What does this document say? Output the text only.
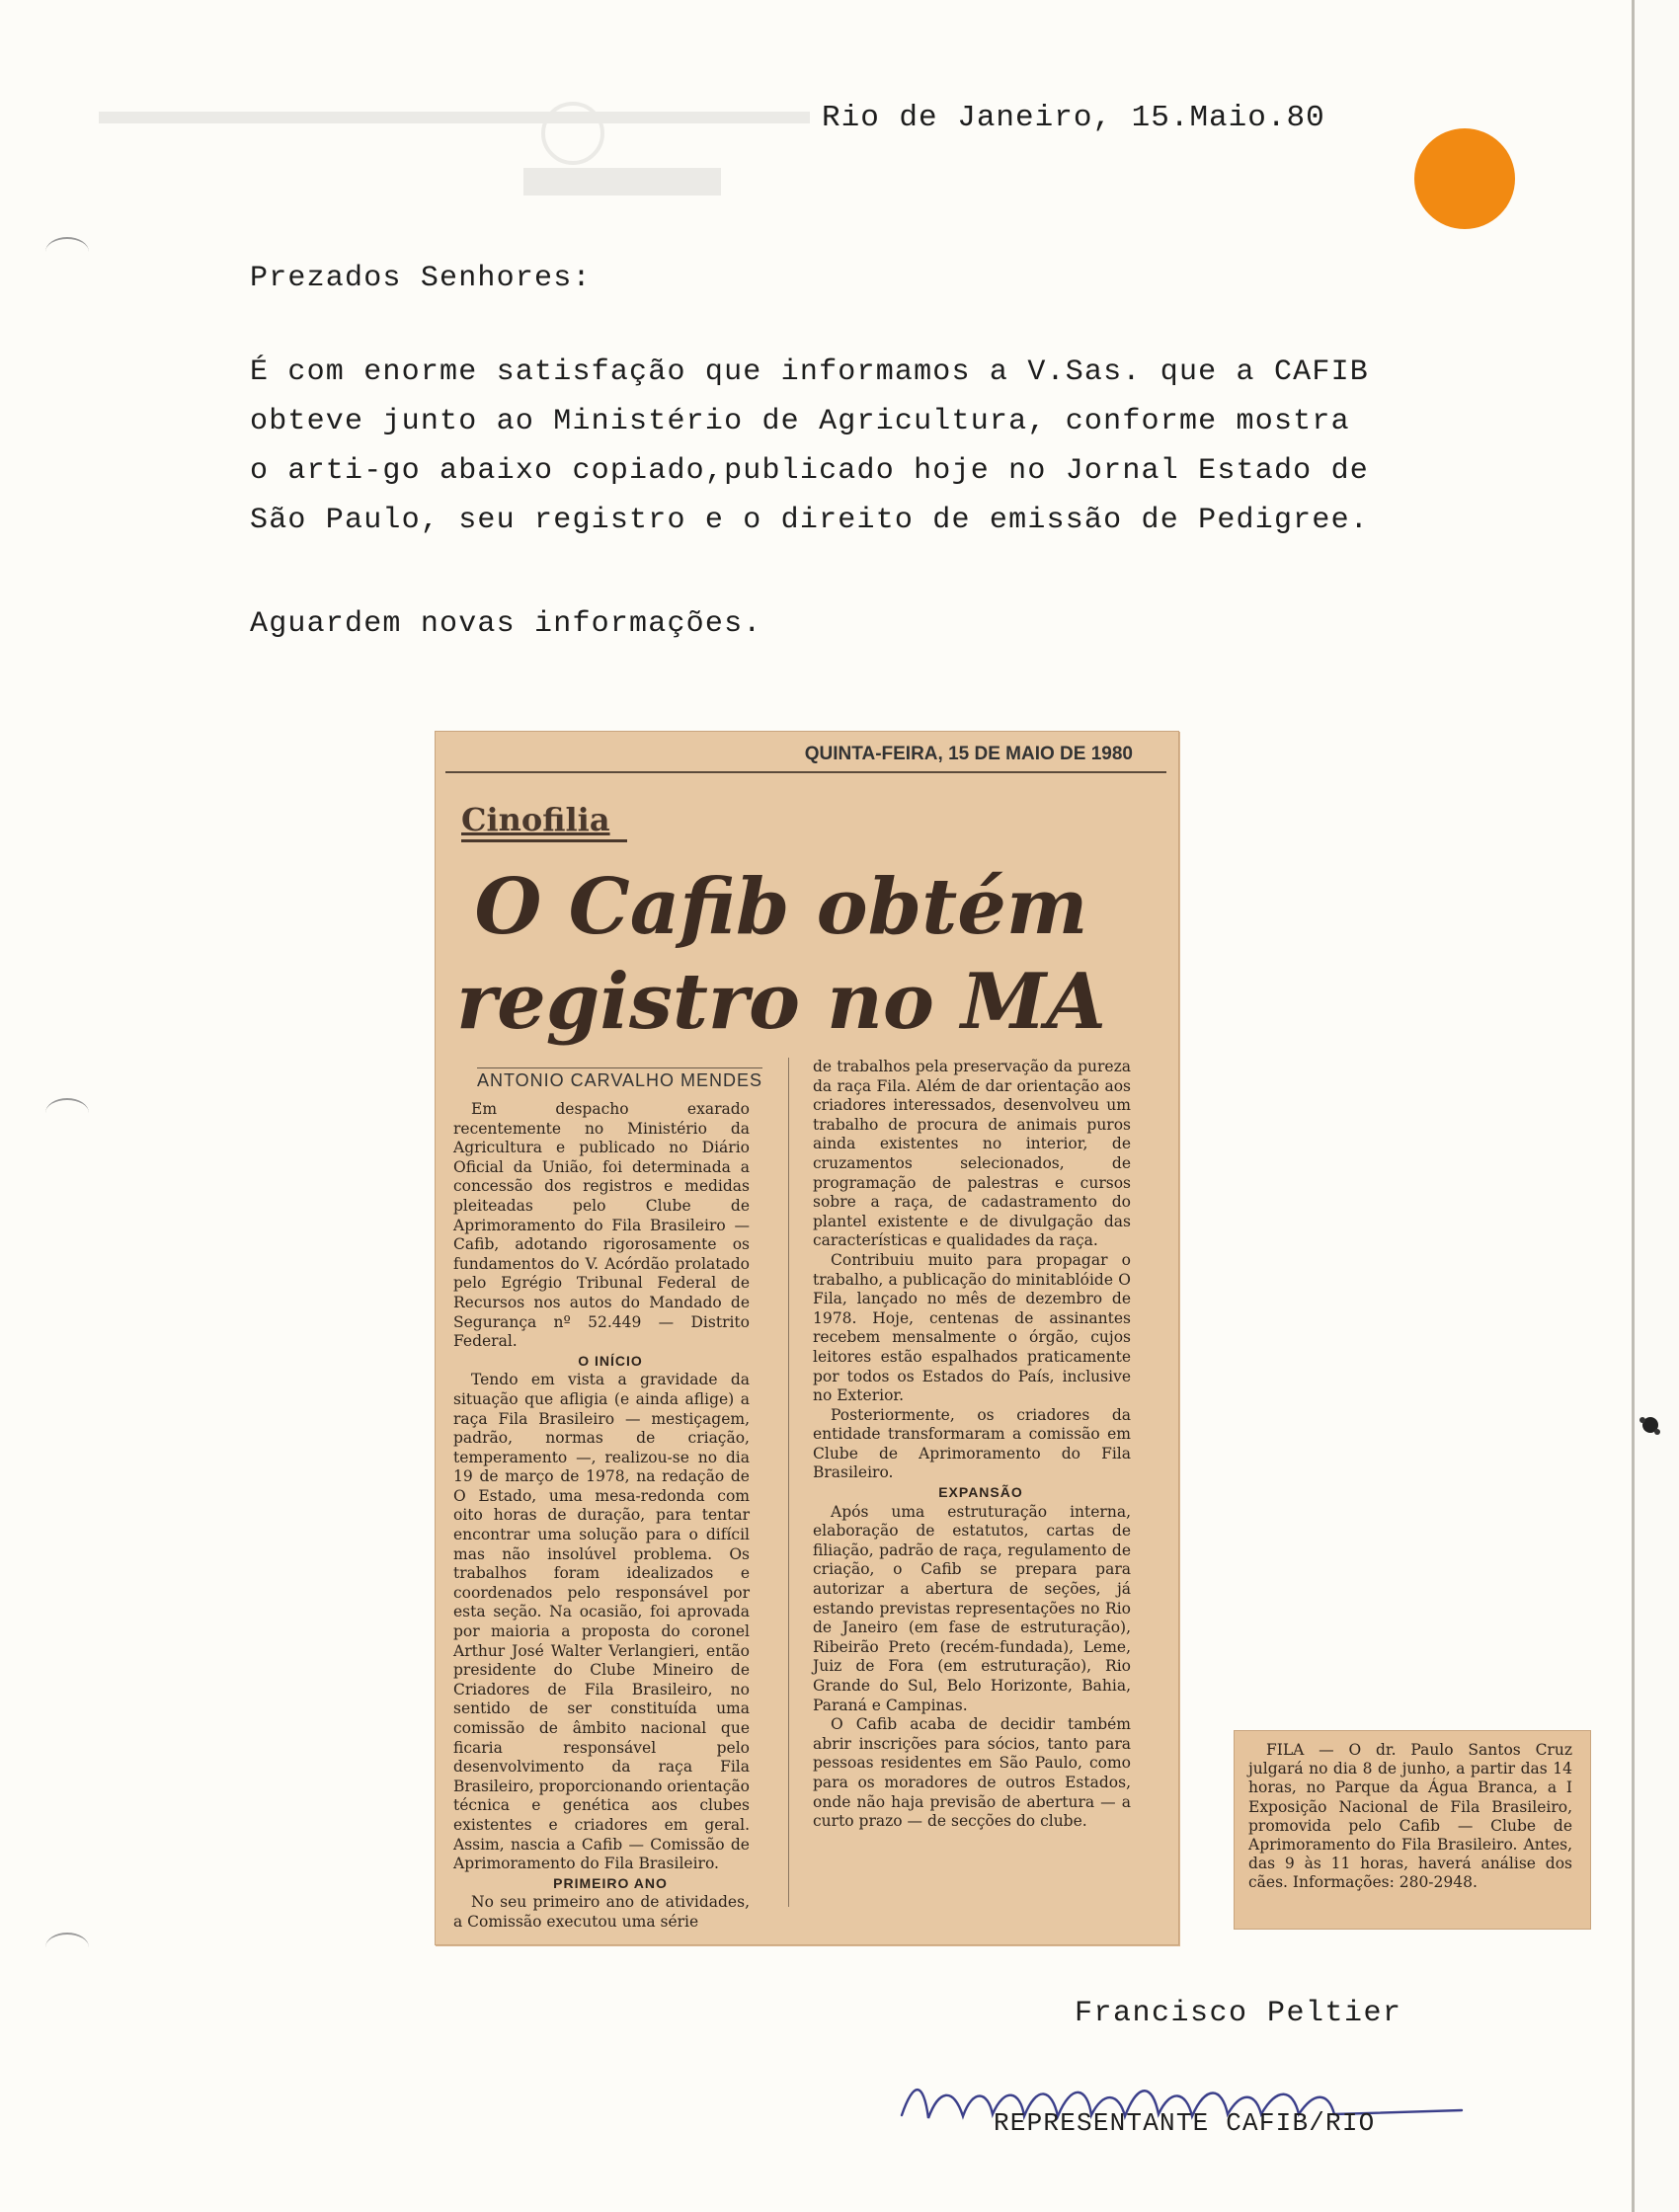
Rio de Janeiro, 15.Maio.80
Prezados Senhores:
É com enorme satisfação que informamos a V.Sas. que a CAFIB
obteve junto ao Ministério de Agricultura, conforme mostra
o arti-go abaixo copiado,publicado hoje no Jornal Estado de
São Paulo, seu registro e o direito de emissão de Pedigree.
Aguardem novas informações.
QUINTA-FEIRA, 15 DE MAIO DE 1980
Cinofilia
O Cafib obtém
registro no MA
ANTONIO CARVALHO MENDES

Em despacho exarado recentemente no Ministério da Agricultura e publicado no Diário Oficial da União, foi determinada a concessão dos registros e medidas pleiteadas pelo Clube de Aprimoramento do Fila Brasileiro — Cafib, adotando rigorosamente os fundamentos do V. Acórdão prolatado pelo Egrégio Tribunal Federal de Recursos nos autos do Mandado de Segurança nº 52.449 — Distrito Federal.

O INÍCIO

Tendo em vista a gravidade da situação que afligia (e ainda aflige) a raça Fila Brasileiro — mestiçagem, padrão, normas de criação, temperamento —, realizou-se no dia 19 de março de 1978, na redação de O Estado, uma mesa-redonda com oito horas de duração, para tentar encontrar uma solução para o difícil mas não insolúvel problema. Os trabalhos foram idealizados e coordenados pelo responsável por esta seção. Na ocasião, foi aprovada por maioria a proposta do coronel Arthur José Walter Verlangieri, então presidente do Clube Mineiro de Criadores de Fila Brasileiro, no sentido de ser constituída uma comissão de âmbito nacional que ficaria responsável pelo desenvolvimento da raça Fila Brasileiro, proporcionando orientação técnica e genética aos clubes existentes e criadores em geral. Assim, nascia a Cafib — Comissão de Aprimoramento do Fila Brasileiro.

PRIMEIRO ANO

No seu primeiro ano de atividades, a Comissão executou uma série

de trabalhos pela preservação da pureza da raça Fila. Além de dar orientação aos criadores interessados, desenvolveu um trabalho de procura de animais puros ainda existentes no interior, de cruzamentos selecionados, de programação de palestras e cursos sobre a raça, de cadastramento do plantel existente e de divulgação das características e qualidades da raça.

Contribuiu muito para propagar o trabalho, a publicação do minitablóide O Fila, lançado no mês de dezembro de 1978. Hoje, centenas de assinantes recebem mensalmente o órgão, cujos leitores estão espalhados praticamente por todos os Estados do País, inclusive no Exterior.

Posteriormente, os criadores da entidade transformaram a comissão em Clube de Aprimoramento do Fila Brasileiro.

EXPANSÃO

Após uma estruturação interna, elaboração de estatutos, cartas de filiação, padrão de raça, regulamento de criação, o Cafib se prepara para autorizar a abertura de seções, já estando previstas representações no Rio de Janeiro (em fase de estruturação), Ribeirão Preto (recém-fundada), Leme, Juiz de Fora (em estruturação), Rio Grande do Sul, Belo Horizonte, Bahia, Paraná e Campinas.

O Cafib acaba de decidir também abrir inscrições para sócios, tanto para pessoas residentes em São Paulo, como para os moradores de outros Estados, onde não haja previsão de abertura — a curto prazo — de secções do clube.

FILA — O dr. Paulo Santos Cruz julgará no dia 8 de junho, a partir das 14 horas, no Parque da Água Branca, a I Exposição Nacional de Fila Brasileiro, promovida pelo Cafib — Clube de Aprimoramento do Fila Brasileiro. Antes, das 9 às 11 horas, haverá análise dos cães. Informações: 280-2948.

Francisco Peltier
REPRESENTANTE CAFIB/RIO
